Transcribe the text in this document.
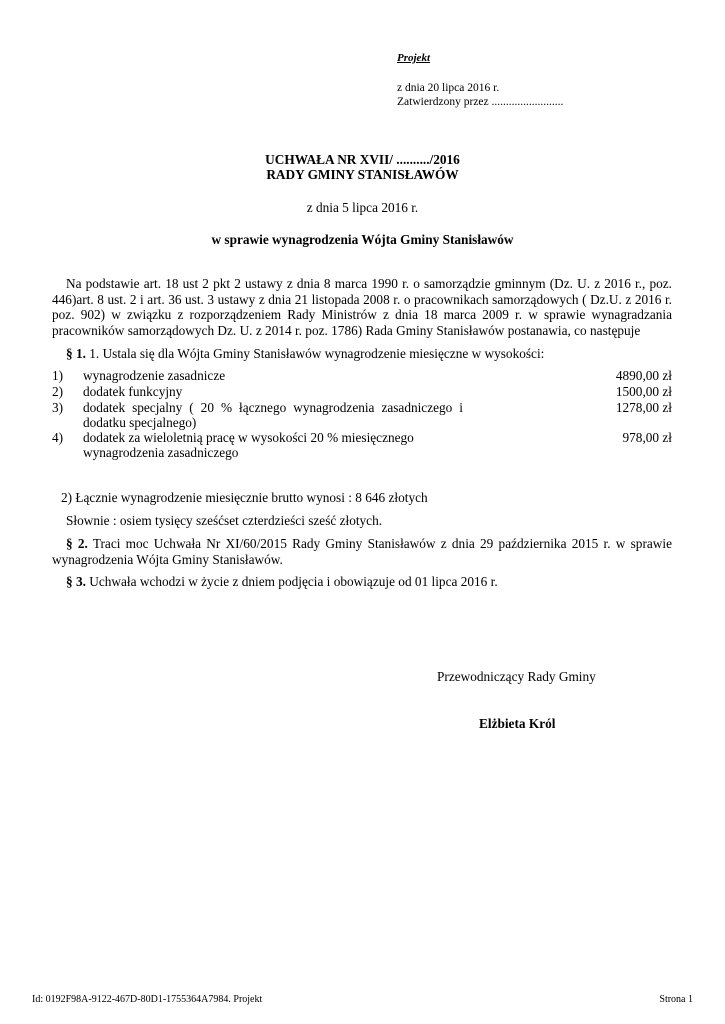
Projekt
z dnia 20 lipca 2016 r.
Zatwierdzony przez .........................
UCHWAŁA NR XVII/ ........../2016
RADY GMINY STANISŁAWÓW
z dnia 5 lipca 2016 r.
w sprawie wynagrodzenia Wójta Gminy Stanisławów
Na podstawie art. 18 ust 2 pkt 2 ustawy z dnia 8 marca 1990 r. o samorządzie gminnym (Dz. U. z 2016 r., poz. 446)art. 8 ust. 2 i art. 36 ust. 3 ustawy z dnia 21 listopada 2008 r. o pracownikach samorządowych ( Dz.U. z 2016 r. poz. 902) w związku z rozporządzeniem Rady Ministrów z dnia 18 marca 2009 r. w sprawie wynagradzania pracowników samorządowych Dz. U. z 2014 r. poz. 1786) Rada Gminy Stanisławów postanawia, co następuje
§ 1. 1. Ustala się dla Wójta Gminy Stanisławów wynagrodzenie miesięczne w wysokości:
1)	wynagrodzenie zasadnicze	4890,00 zł
2)	dodatek funkcyjny	1500,00 zł
3)	dodatek specjalny ( 20 % łącznego wynagrodzenia zasadniczego i
dodatku specjalnego)
1278,00 zł
4)	dodatek za wieloletnią pracę w wysokości 20 % miesięcznego
wynagrodzenia zasadniczego
978,00 zł
2) Łącznie wynagrodzenie miesięcznie brutto wynosi : 8 646 złotych
Słownie : osiem tysięcy sześćset czterdzieści sześć złotych.
§ 2. Traci moc Uchwała Nr XI/60/2015 Rady Gminy Stanisławów z dnia 29 października 2015 r. w sprawie wynagrodzenia Wójta Gminy Stanisławów.
§ 3. Uchwała wchodzi w życie z dniem podjęcia i obowiązuje od 01 lipca 2016 r.
Przewodniczący Rady Gminy
Elżbieta Król
Id: 0192F98A-9122-467D-80D1-1755364A7984. Projekt	Strona 1
